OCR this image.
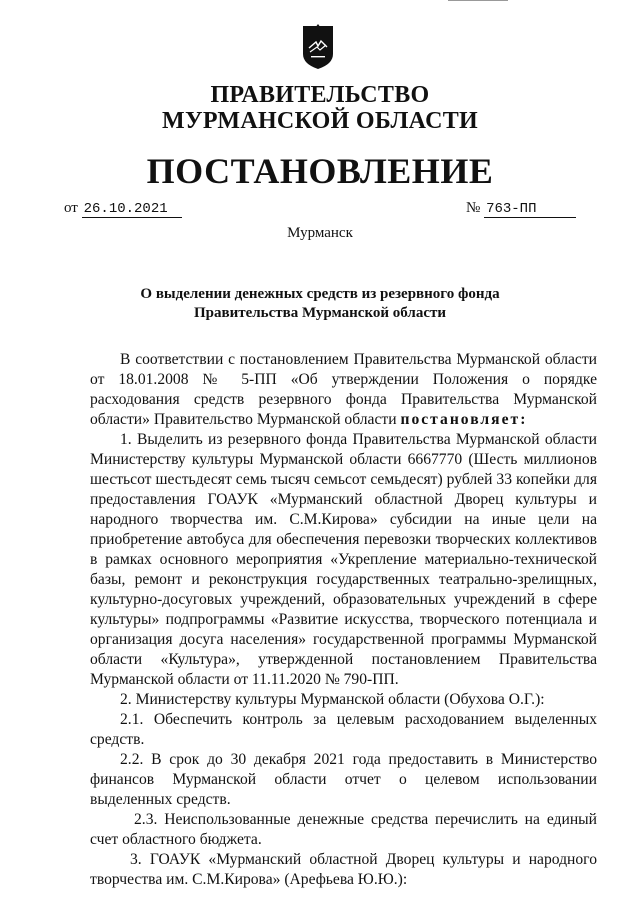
ПРАВИТЕЛЬСТВО
МУРМАНСКОЙ ОБЛАСТИ
ПОСТАНОВЛЕНИЕ
от 26.10.2021	№ 763-ПП
Мурманск
О выделении денежных средств из резервного фонда
Правительства Мурманской области

В соответствии с постановлением Правительства Мурманской области от 18.01.2008 № 5-ПП «Об утверждении Положения о порядке расходования средств резервного фонда Правительства Мурманской области» Правительство Мурманской области постановляет:

1. Выделить из резервного фонда Правительства Мурманской области Министерству культуры Мурманской области 6667770 (Шесть миллионов шестьсот шестьдесят семь тысяч семьсот семьдесят) рублей 33 копейки для предоставления ГОАУК «Мурманский областной Дворец культуры и народного творчества им. С.М.Кирова» субсидии на иные цели на приобретение автобуса для обеспечения перевозки творческих коллективов в рамках основного мероприятия «Укрепление материально-технической базы, ремонт и реконструкция государственных театрально-зрелищных, культурно-досуговых учреждений, образовательных учреждений в сфере культуры» подпрограммы «Развитие искусства, творческого потенциала и организация досуга населения» государственной программы Мурманской области «Культура», утвержденной постановлением Правительства Мурманской области от 11.11.2020 № 790-ПП.

2. Министерству культуры Мурманской области (Обухова О.Г.):

2.1. Обеспечить контроль за целевым расходованием выделенных средств.

2.2. В срок до 30 декабря 2021 года предоставить в Министерство финансов Мурманской области отчет о целевом использовании выделенных средств.

2.3. Неиспользованные денежные средства перечислить на единый счет областного бюджета.

3. ГОАУК «Мурманский областной Дворец культуры и народного творчества им. С.М.Кирова» (Арефьева Ю.Ю.):
